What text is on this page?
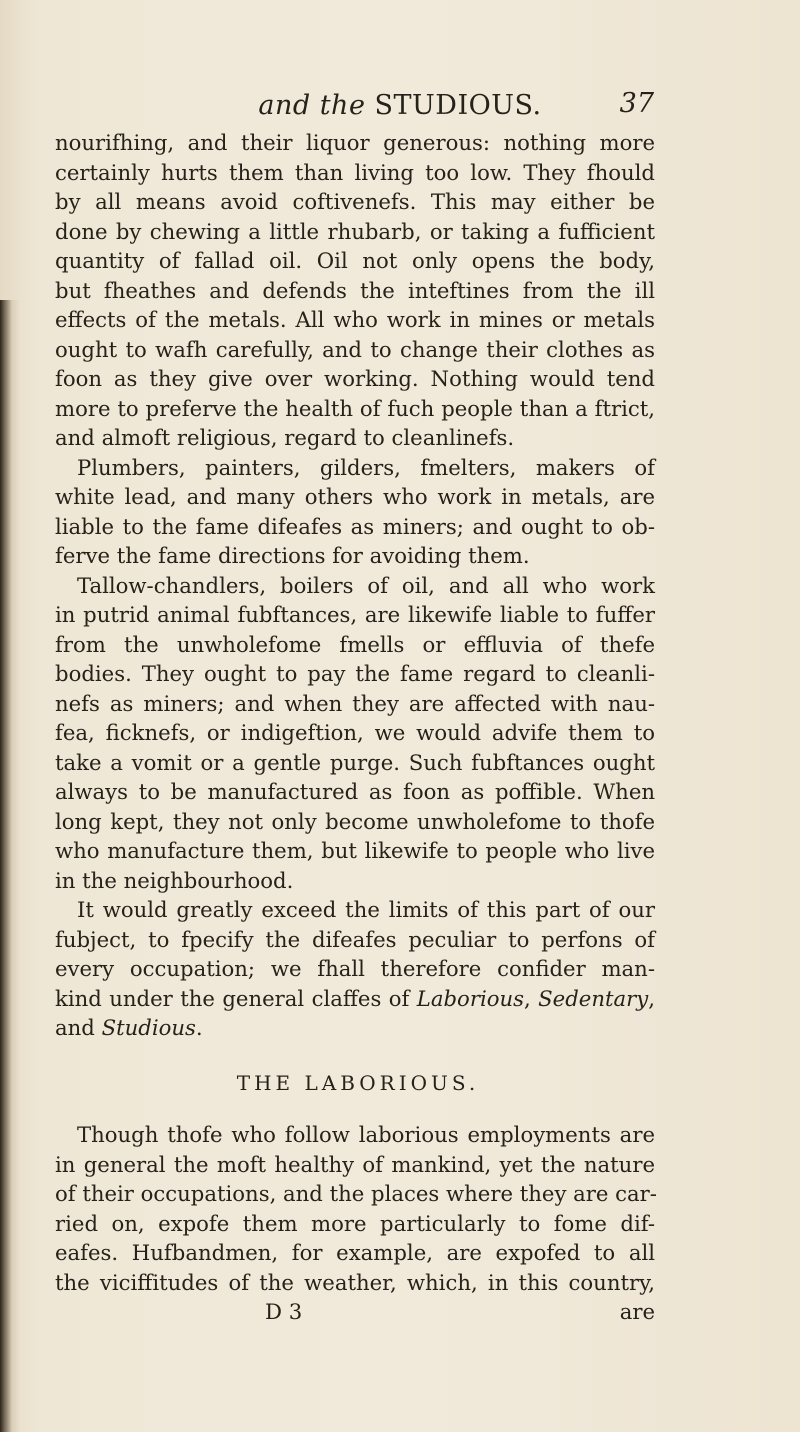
and the STUDIOUS.	37
nourifhing, and their liquor generous: nothing more
certainly hurts them than living too low. They fhould
by all means avoid coftivenefs. This may either be
done by chewing a little rhubarb, or taking a fufficient
quantity of fallad oil. Oil not only opens the body,
but fheathes and defends the inteftines from the ill
effects of the metals. All who work in mines or metals
ought to wafh carefully, and to change their clothes as
foon as they give over working. Nothing would tend
more to preferve the health of fuch people than a ftrict,
and almoft religious, regard to cleanlinefs.
Plumbers, painters, gilders, fmelters, makers of
white lead, and many others who work in metals, are
liable to the fame difeafes as miners; and ought to ob-
ferve the fame directions for avoiding them.
Tallow-chandlers, boilers of oil, and all who work
in putrid animal fubftances, are likewife liable to fuffer
from the unwholefome fmells or effluvia of thefe
bodies. They ought to pay the fame regard to cleanli-
nefs as miners; and when they are affected with nau-
fea, ficknefs, or indigeftion, we would advife them to
take a vomit or a gentle purge. Such fubftances ought
always to be manufactured as foon as poffible. When
long kept, they not only become unwholefome to thofe
who manufacture them, but likewife to people who live
in the neighbourhood.
It would greatly exceed the limits of this part of our
fubject, to fpecify the difeafes peculiar to perfons of
every occupation; we fhall therefore confider man-
kind under the general claffes of Laborious, Sedentary,
and Studious.
THE LABORIOUS.
Though thofe who follow laborious employments are
in general the moft healthy of mankind, yet the nature
of their occupations, and the places where they are car-
ried on, expofe them more particularly to fome dif-
eafes. Hufbandmen, for example, are expofed to all
the viciffitudes of the weather, which, in this country,
D 3	are
